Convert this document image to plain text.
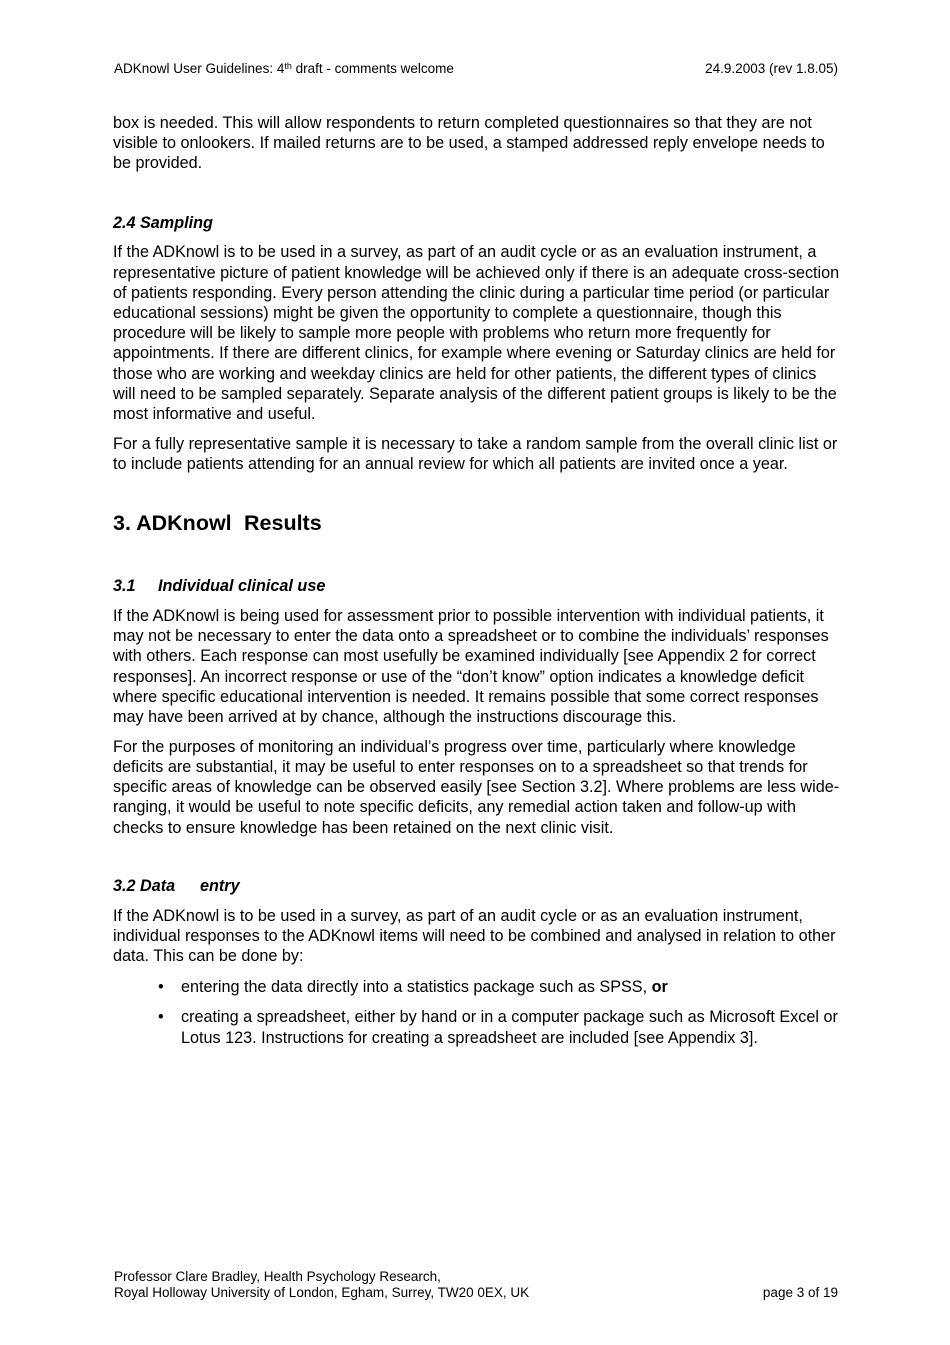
ADKnowl User Guidelines: 4th draft - comments welcome	24.9.2003 (rev 1.8.05)

box is needed. This will allow respondents to return completed questionnaires so that they are not visible to onlookers. If mailed returns are to be used, a stamped addressed reply envelope needs to be provided.

2.4 Sampling

If the ADKnowl is to be used in a survey, as part of an audit cycle or as an evaluation instrument, a representative picture of patient knowledge will be achieved only if there is an adequate cross-section of patients responding. Every person attending the clinic during a particular time period (or particular educational sessions) might be given the opportunity to complete a questionnaire, though this procedure will be likely to sample more people with problems who return more frequently for appointments. If there are different clinics, for example where evening or Saturday clinics are held for those who are working and weekday clinics are held for other patients, the different types of clinics will need to be sampled separately. Separate analysis of the different patient groups is likely to be the most informative and useful.

For a fully representative sample it is necessary to take a random sample from the overall clinic list or to include patients attending for an annual review for which all patients are invited once a year.

3. ADKnowl Results
3.1 Individual clinical use

If the ADKnowl is being used for assessment prior to possible intervention with individual patients, it may not be necessary to enter the data onto a spreadsheet or to combine the individuals’ responses with others. Each response can most usefully be examined individually [see Appendix 2 for correct responses]. An incorrect response or use of the “don’t know” option indicates a knowledge deficit where specific educational intervention is needed. It remains possible that some correct responses may have been arrived at by chance, although the instructions discourage this.

For the purposes of monitoring an individual’s progress over time, particularly where knowledge deficits are substantial, it may be useful to enter responses on to a spreadsheet so that trends for specific areas of knowledge can be observed easily [see Section 3.2]. Where problems are less wide-ranging, it would be useful to note specific deficits, any remedial action taken and follow-up with checks to ensure knowledge has been retained on the next clinic visit.

3.2 Data entry

If the ADKnowl is to be used in a survey, as part of an audit cycle or as an evaluation instrument, individual responses to the ADKnowl items will need to be combined and analysed in relation to other data. This can be done by:

• entering the data directly into a statistics package such as SPSS, or
• creating a spreadsheet, either by hand or in a computer package such as Microsoft Excel or Lotus 123. Instructions for creating a spreadsheet are included [see Appendix 3].
Professor Clare Bradley, Health Psychology Research,
Royal Holloway University of London, Egham, Surrey, TW20 0EX, UK	page 3 of 19
